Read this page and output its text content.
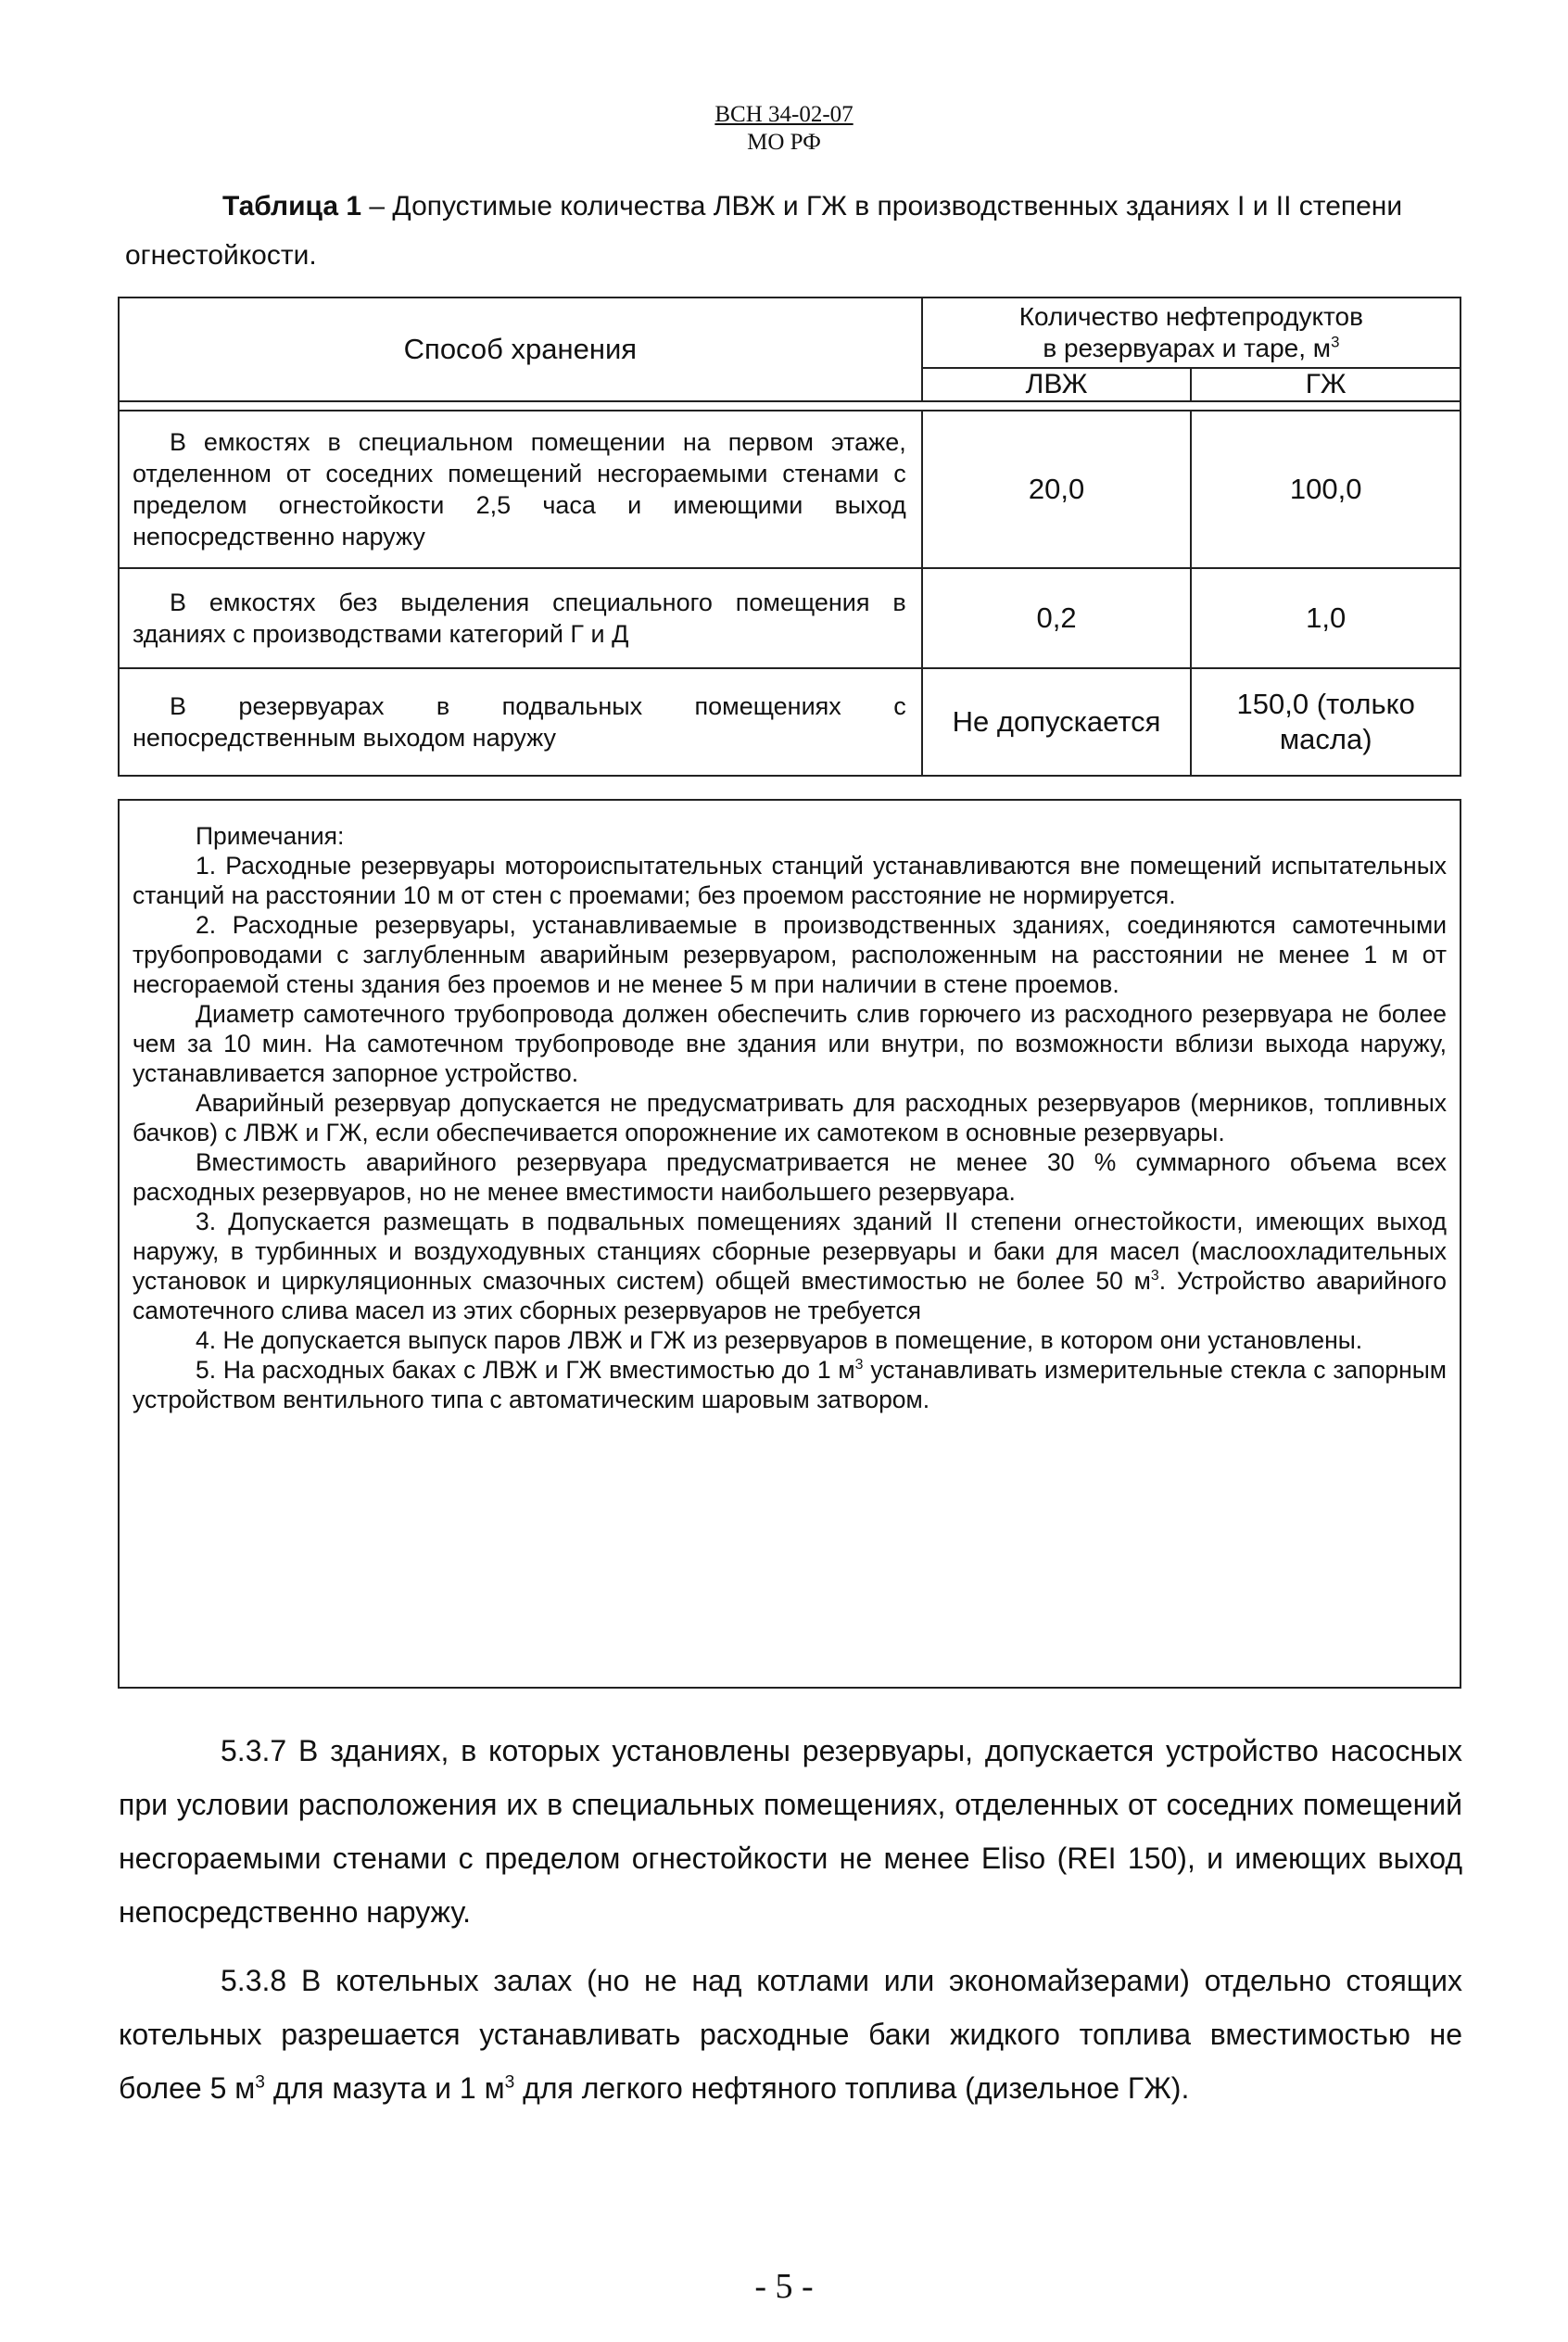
ВСН 34-02-07
МО РФ
Таблица 1 – Допустимые количества ЛВЖ и ГЖ в производственных зданиях I и II степени огнестойкости.
Способ хранения	Количество нефтепродуктов
в резервуарах и таре, $м^3$
	ЛВЖ	ГЖ

В емкостях в специальном помещении на первом этаже, отделенном от соседних помещений несгораемыми стенами с пределом огнестойкости 2,5 часа и имеющими выход непосредственно наружу	20,0	100,0
В емкостях без выделения специального помещения в зданиях с производствами категорий Г и Д	0,2	1,0
В резервуарах в подвальных помещениях с непосредственным выходом наружу	Не допускается	150,0 (только масла)

Примечания:

1. Расходные резервуары моторoиспытательных станций устанавливаются вне помещений испытательных станций на расстоянии 10 м от стен с проемами; без проемом расстояние не нормируется.

2. Расходные резервуары, устанавливаемые в производственных зданиях, соединяются самотечными трубопроводами с заглубленным аварийным резервуаром, расположенным на расстоянии не менее 1 м от несгораемой стены здания без проемов и не менее 5 м при наличии в стене проемов.

Диаметр самотечного трубопровода должен обеспечить слив горючего из расходного резервуара не более чем за 10 мин. На самотечном трубопроводе вне здания или внутри, по возможности вблизи выхода наружу, устанавливается запорное устройство.

Аварийный резервуар допускается не предусматривать для расходных резервуаров (мерников, топливных бачков) с ЛВЖ и ГЖ, если обеспечивается опорожнение их самотеком в основные резервуары.

Вместимость аварийного резервуара предусматривается не менее 30 % суммарного объема всех расходных резервуаров, но не менее вместимости наибольшего резервуара.

3. Допускается размещать в подвальных помещениях зданий II степени огнестойкости, имеющих выход наружу, в турбинных и воздуходувных станциях сборные резервуары и баки для масел (маслоохладительных установок и циркуляционных смазочных систем) общей вместимостью не более 50 $м^3$. Устройство аварийного самотечного слива масел из этих сборных резервуаров не требуется

4. Не допускается выпуск паров ЛВЖ и ГЖ из резервуаров в помещение, в котором они установлены.

5. На расходных баках с ЛВЖ и ГЖ вместимостью до 1 $м^3$ устанавливать измерительные стекла с запорным устройством вентильного типа с автоматическим шаровым затвором.

5.3.7 В зданиях, в которых установлены резервуары, допускается устройство насосных при условии расположения их в специальных помещениях, отделенных от соседних помещений несгораемыми стенами с пределом огнестойкости не менее Eliso (REI 150), и имеющих выход непосредственно наружу.

5.3.8 В котельных залах (но не над котлами или экономайзерами) отдельно стоящих котельных разрешается устанавливать расходные баки жидкого топлива вместимостью не более 5 $м^3$ для мазута и 1 $м^3$ для легкого нефтяного топлива (дизельное ГЖ).

- 5 -
